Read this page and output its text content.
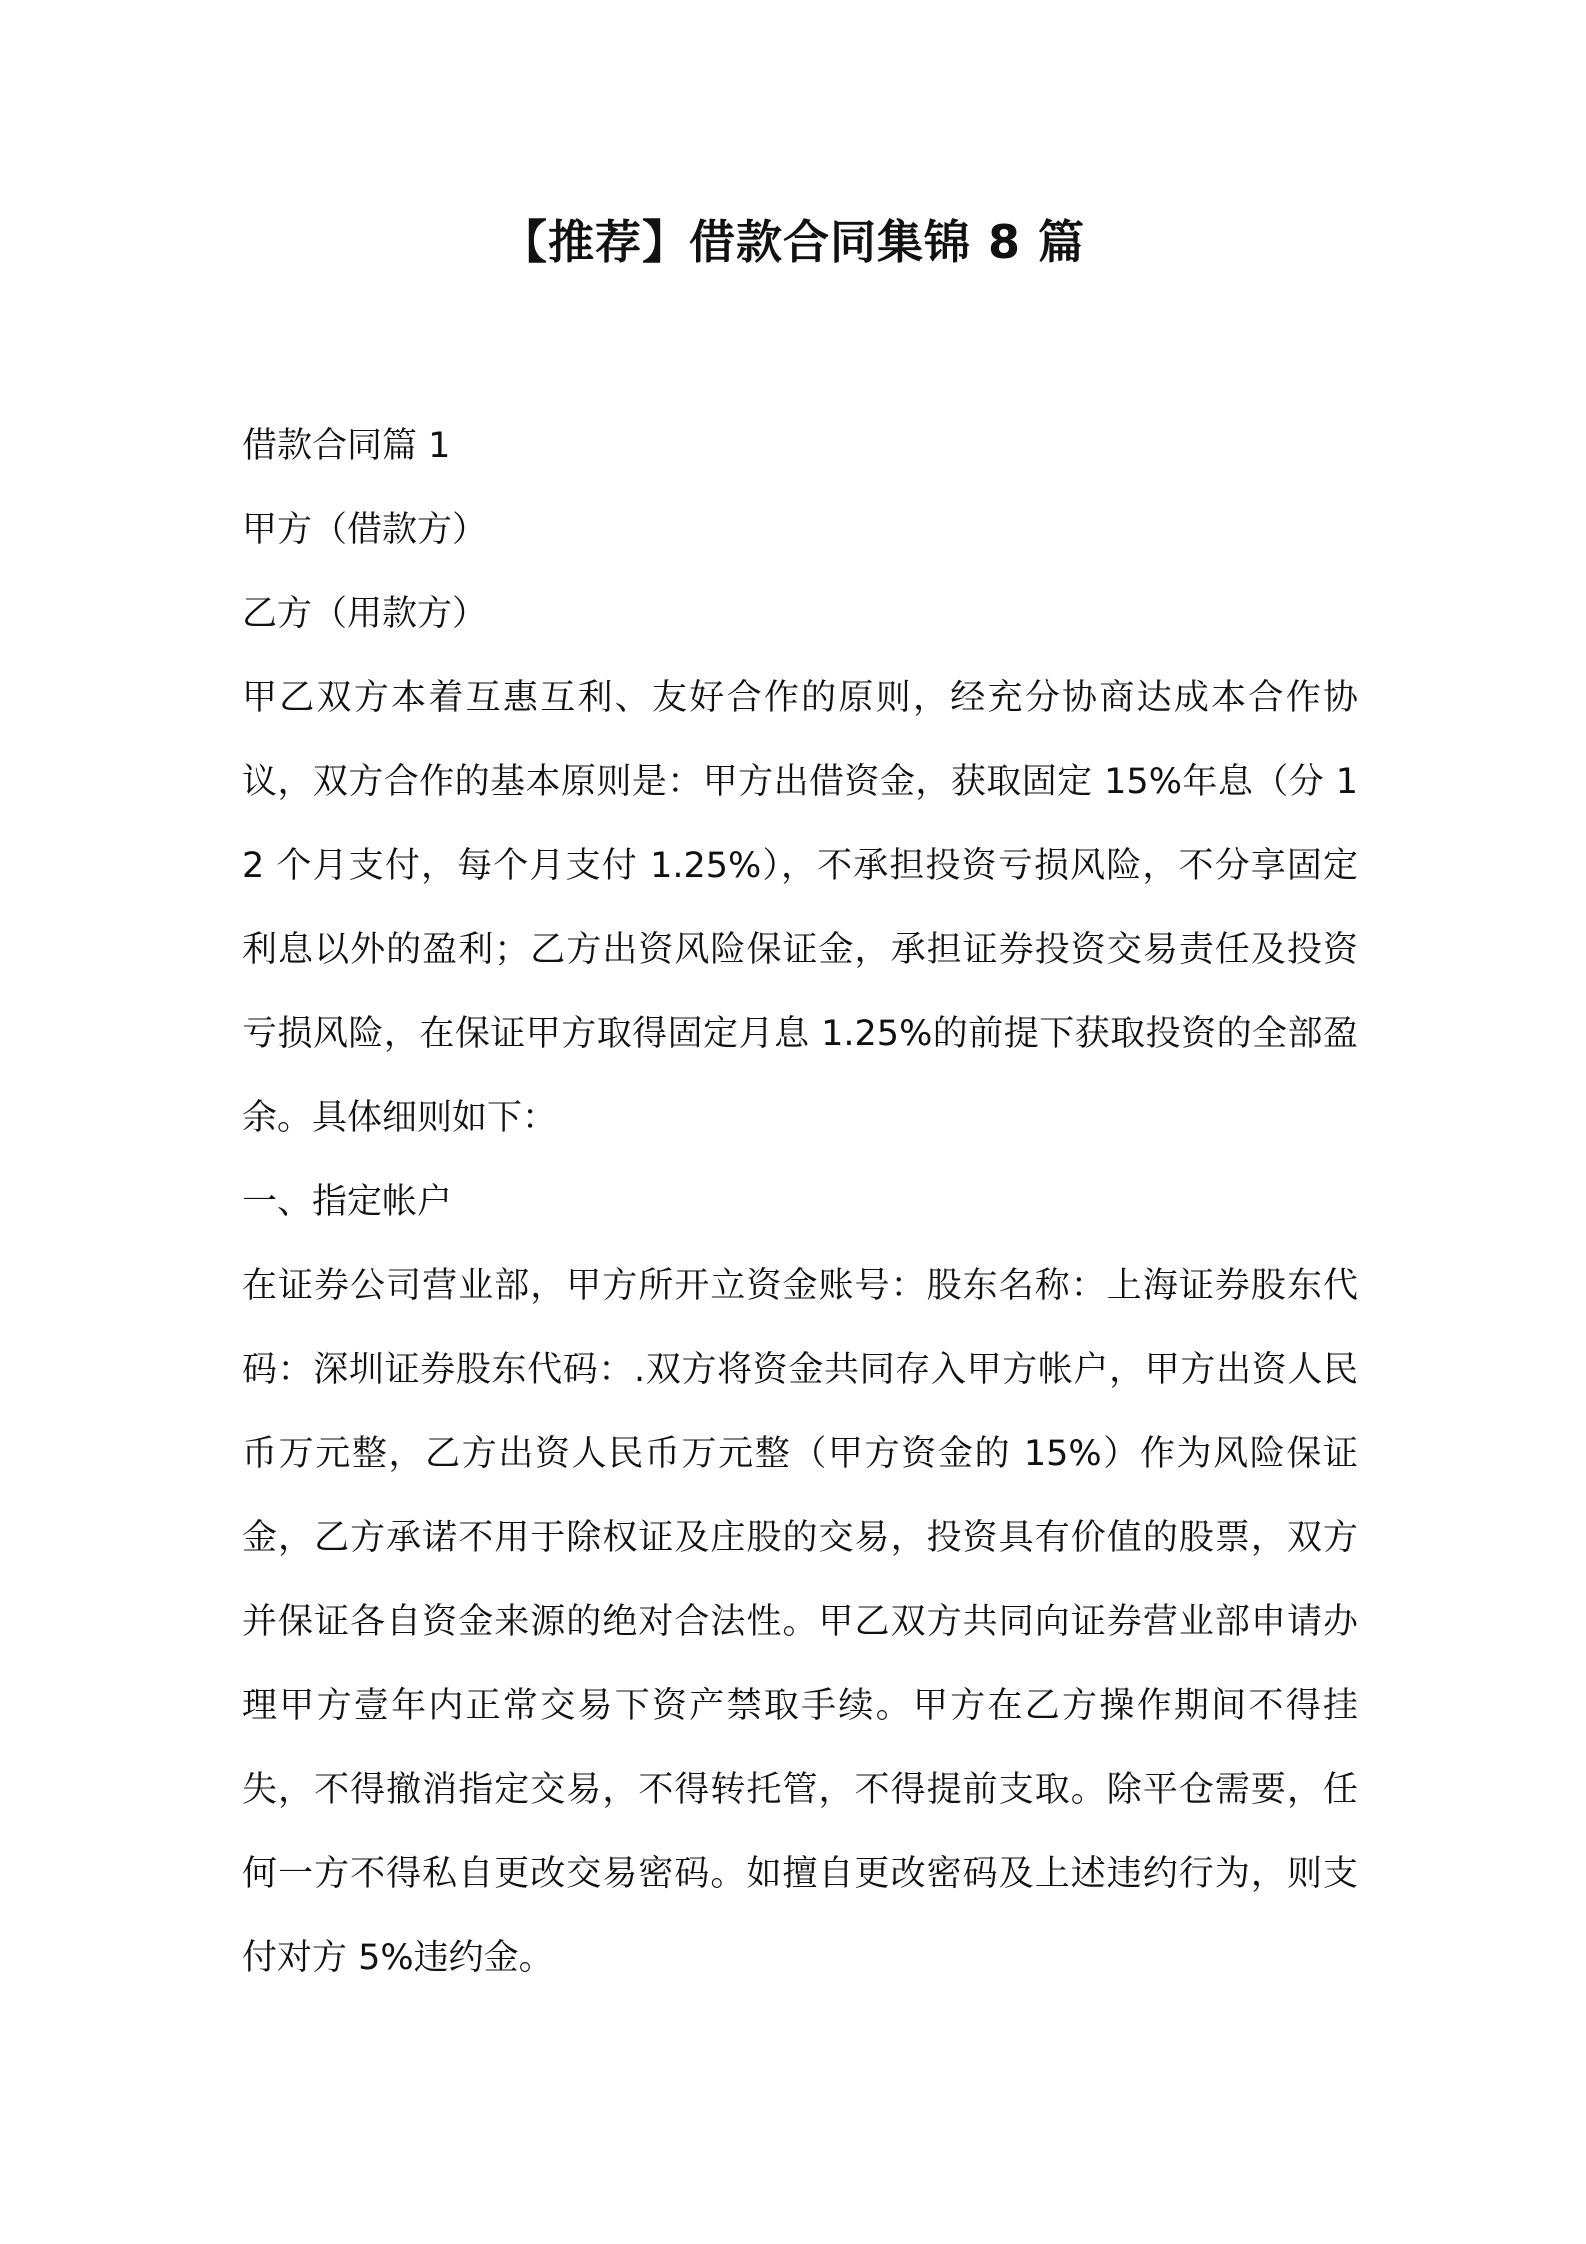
【推荐】借款合同集锦 8 篇

借款合同篇 1

甲方（借款方）

乙方（用款方）

甲乙双方本着互惠互利、友好合作的原则，经充分协商达成本合作协议，双方合作的基本原则是：甲方出借资金，获取固定 15%年息（分 12 个月支付，每个月支付 1.25%），不承担投资亏损风险，不分享固定利息以外的盈利；乙方出资风险保证金，承担证券投资交易责任及投资亏损风险，在保证甲方取得固定月息 1.25%的前提下获取投资的全部盈余。具体细则如下：

一、指定帐户

在证券公司营业部，甲方所开立资金账号：股东名称：上海证券股东代码：深圳证券股东代码：.双方将资金共同存入甲方帐户，甲方出资人民币万元整，乙方出资人民币万元整（甲方资金的 15%）作为风险保证金，乙方承诺不用于除权证及庄股的交易，投资具有价值的股票，双方并保证各自资金来源的绝对合法性。甲乙双方共同向证券营业部申请办理甲方壹年内正常交易下资产禁取手续。甲方在乙方操作期间不得挂失，不得撤消指定交易，不得转托管，不得提前支取。除平仓需要，任何一方不得私自更改交易密码。如擅自更改密码及上述违约行为，则支付对方 5%违约金。
